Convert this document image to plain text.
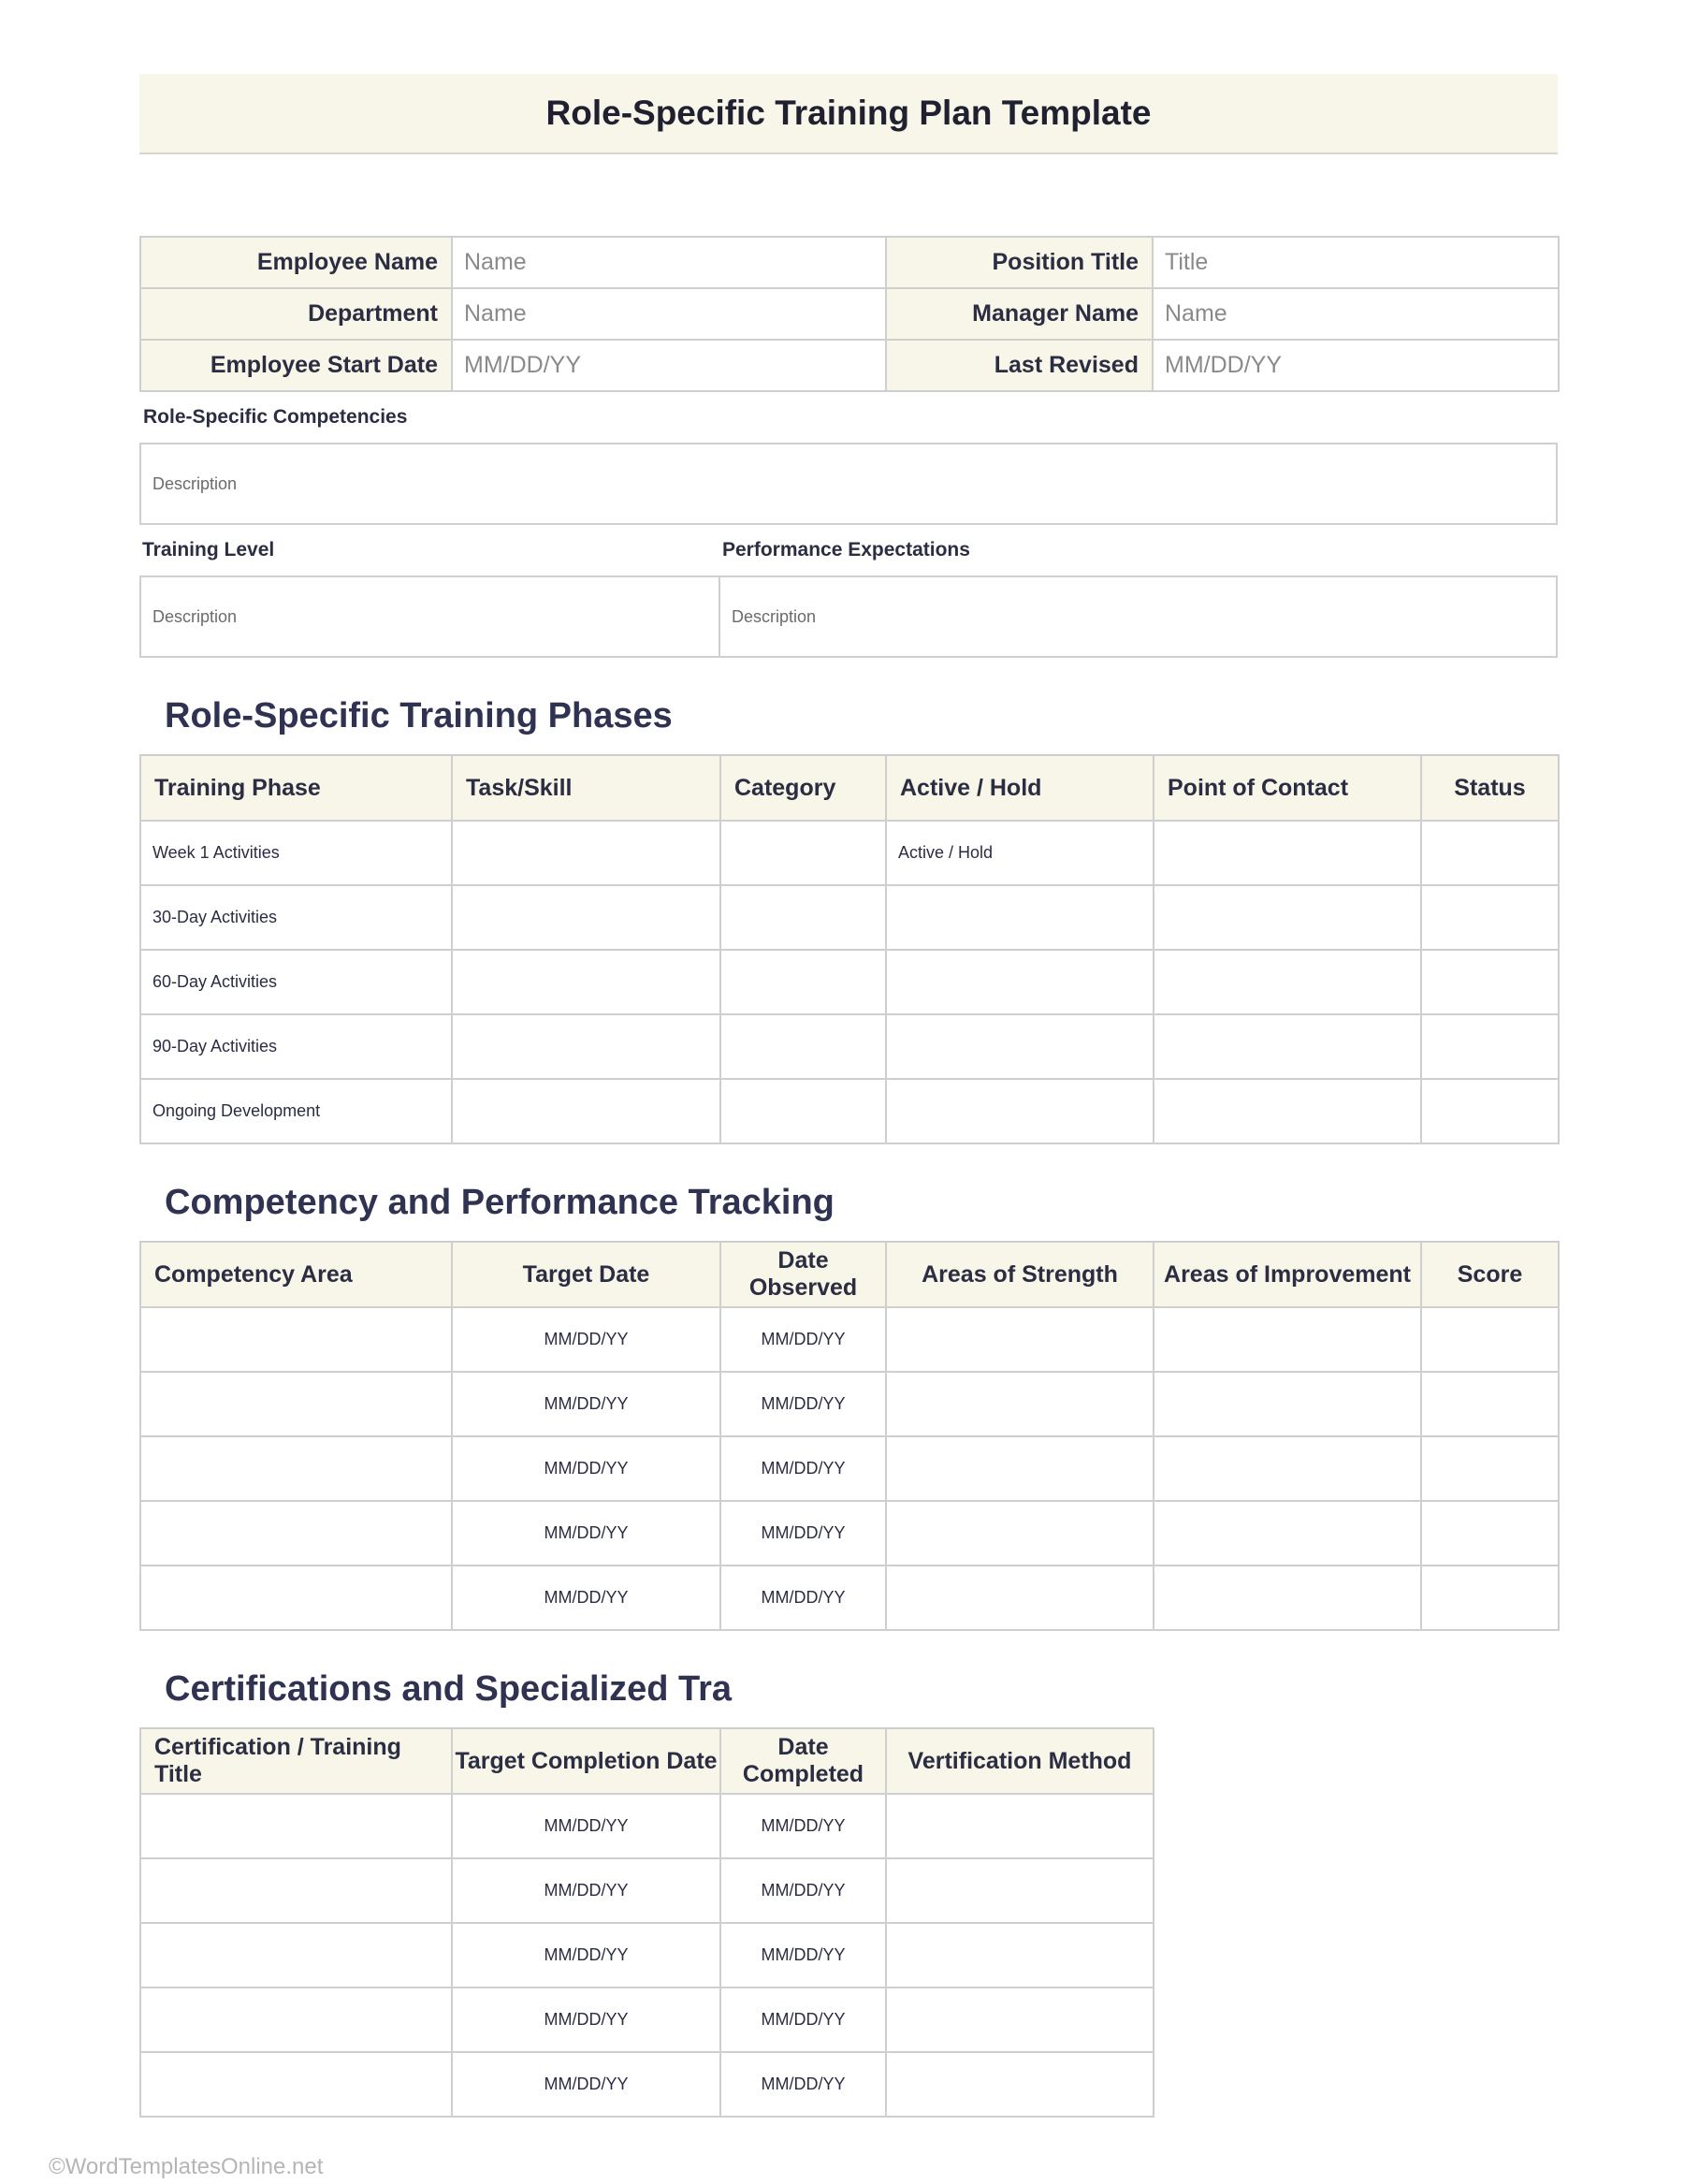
Role-Specific Training Plan Template
Employee Name	Name	Position Title	Title
Department	Name	Manager Name	Name
Employee Start Date	MM/DD/YY	Last Revised	MM/DD/YY
Role-Specific Competencies
Description
Training Level	Performance Expectations
Description	Description
Role-Specific Training Phases
Training Phase	Task/Skill	Category	Active / Hold	Point of Contact	Status
Week 1 Activities			Active / Hold		
30-Day Activities					
60-Day Activities					
90-Day Activities					
Ongoing Development					
Competency and Performance Tracking
Competency Area	Target Date	Date Observed	Areas of Strength	Areas of Improvement	Score
	MM/DD/YY	MM/DD/YY			
	MM/DD/YY	MM/DD/YY			
	MM/DD/YY	MM/DD/YY			
	MM/DD/YY	MM/DD/YY			
	MM/DD/YY	MM/DD/YY			
Certifications and Specialized Tra
Certification / Training Title	Target Completion Date	Date Completed	Vertification Method
	MM/DD/YY	MM/DD/YY	
	MM/DD/YY	MM/DD/YY	
	MM/DD/YY	MM/DD/YY	
	MM/DD/YY	MM/DD/YY	
	MM/DD/YY	MM/DD/YY	
©WordTemplatesOnline.net
